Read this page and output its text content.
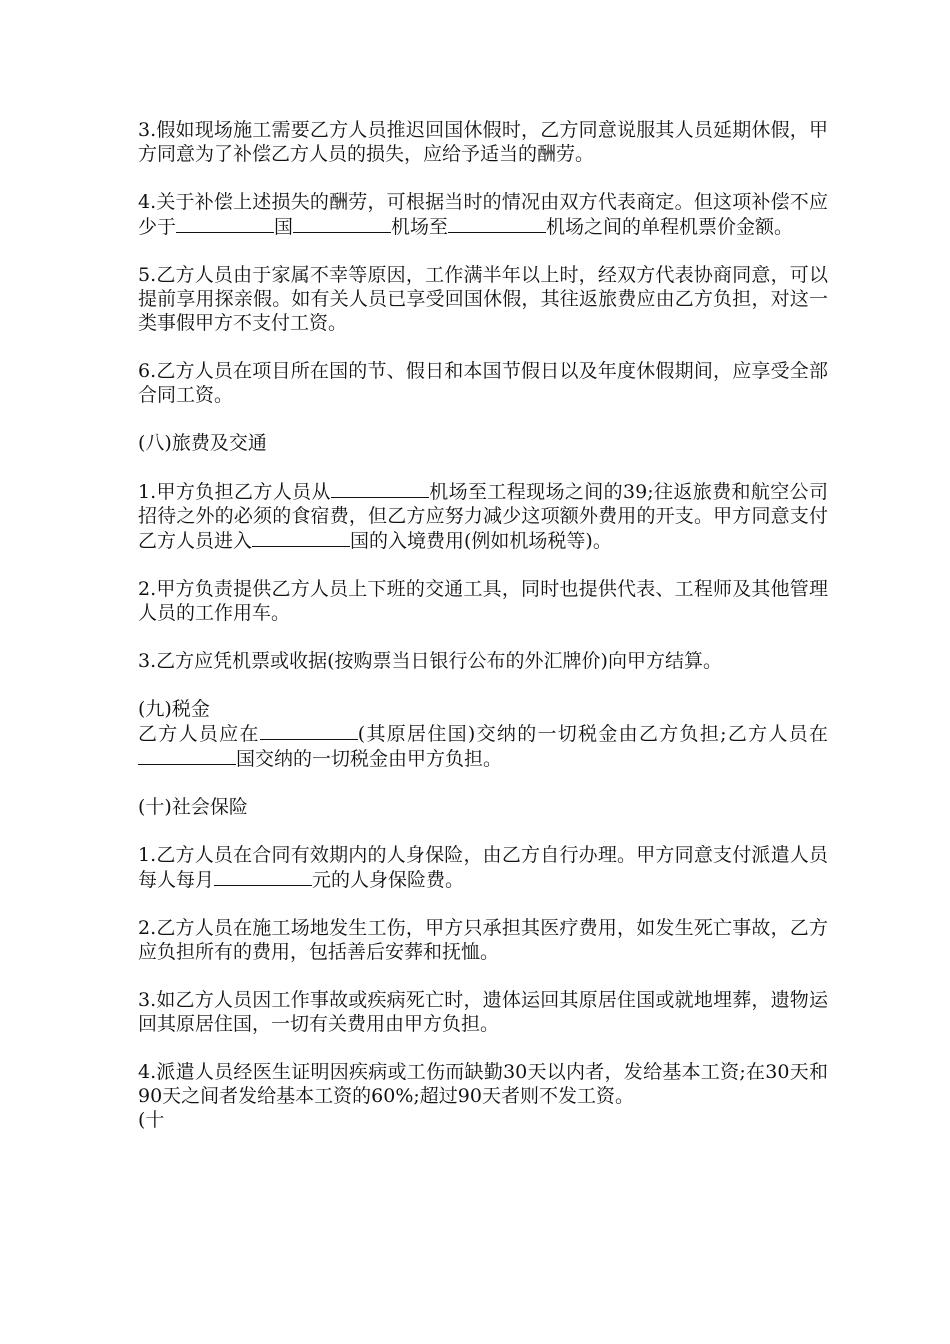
3.假如现场施工需要乙方人员推迟回国休假时，乙方同意说服其人员延期休假，甲方同意为了补偿乙方人员的损失，应给予适当的酬劳。
4.关于补偿上述损失的酬劳，可根据当时的情况由双方代表商定。但这项补偿不应少于	国	机场至	机场之间的单程机票价金额。
5.乙方人员由于家属不幸等原因，工作满半年以上时，经双方代表协商同意，可以提前享用探亲假。如有关人员已享受回国休假，其往返旅费应由乙方负担，对这一类事假甲方不支付工资。
6.乙方人员在项目所在国的节、假日和本国节假日以及年度休假期间，应享受全部合同工资。
(八)旅费及交通
1.甲方负担乙方人员从	机场至工程现场之间的39;往返旅费和航空公司招待之外的必须的食宿费，但乙方应努力减少这项额外费用的开支。甲方同意支付乙方人员进入	国的入境费用(例如机场税等)。
2.甲方负责提供乙方人员上下班的交通工具，同时也提供代表、工程师及其他管理人员的工作用车。
3.乙方应凭机票或收据(按购票当日银行公布的外汇牌价)向甲方结算。
(九)税金
乙方人员应在	(其原居住国)交纳的一切税金由乙方负担;乙方人员在国交纳的一切税金由甲方负担。
(十)社会保险
1.乙方人员在合同有效期内的人身保险，由乙方自行办理。甲方同意支付派遣人员每人每月	元的人身保险费。
2.乙方人员在施工场地发生工伤，甲方只承担其医疗费用，如发生死亡事故，乙方应负担所有的费用，包括善后安葬和抚恤。
3.如乙方人员因工作事故或疾病死亡时，遗体运回其原居住国或就地埋葬，遗物运回其原居住国，一切有关费用由甲方负担。
4.派遣人员经医生证明因疾病或工伤而缺勤30天以内者，发给基本工资;在30天和90天之间者发给基本工资的60%;超过90天者则不发工资。
(十
